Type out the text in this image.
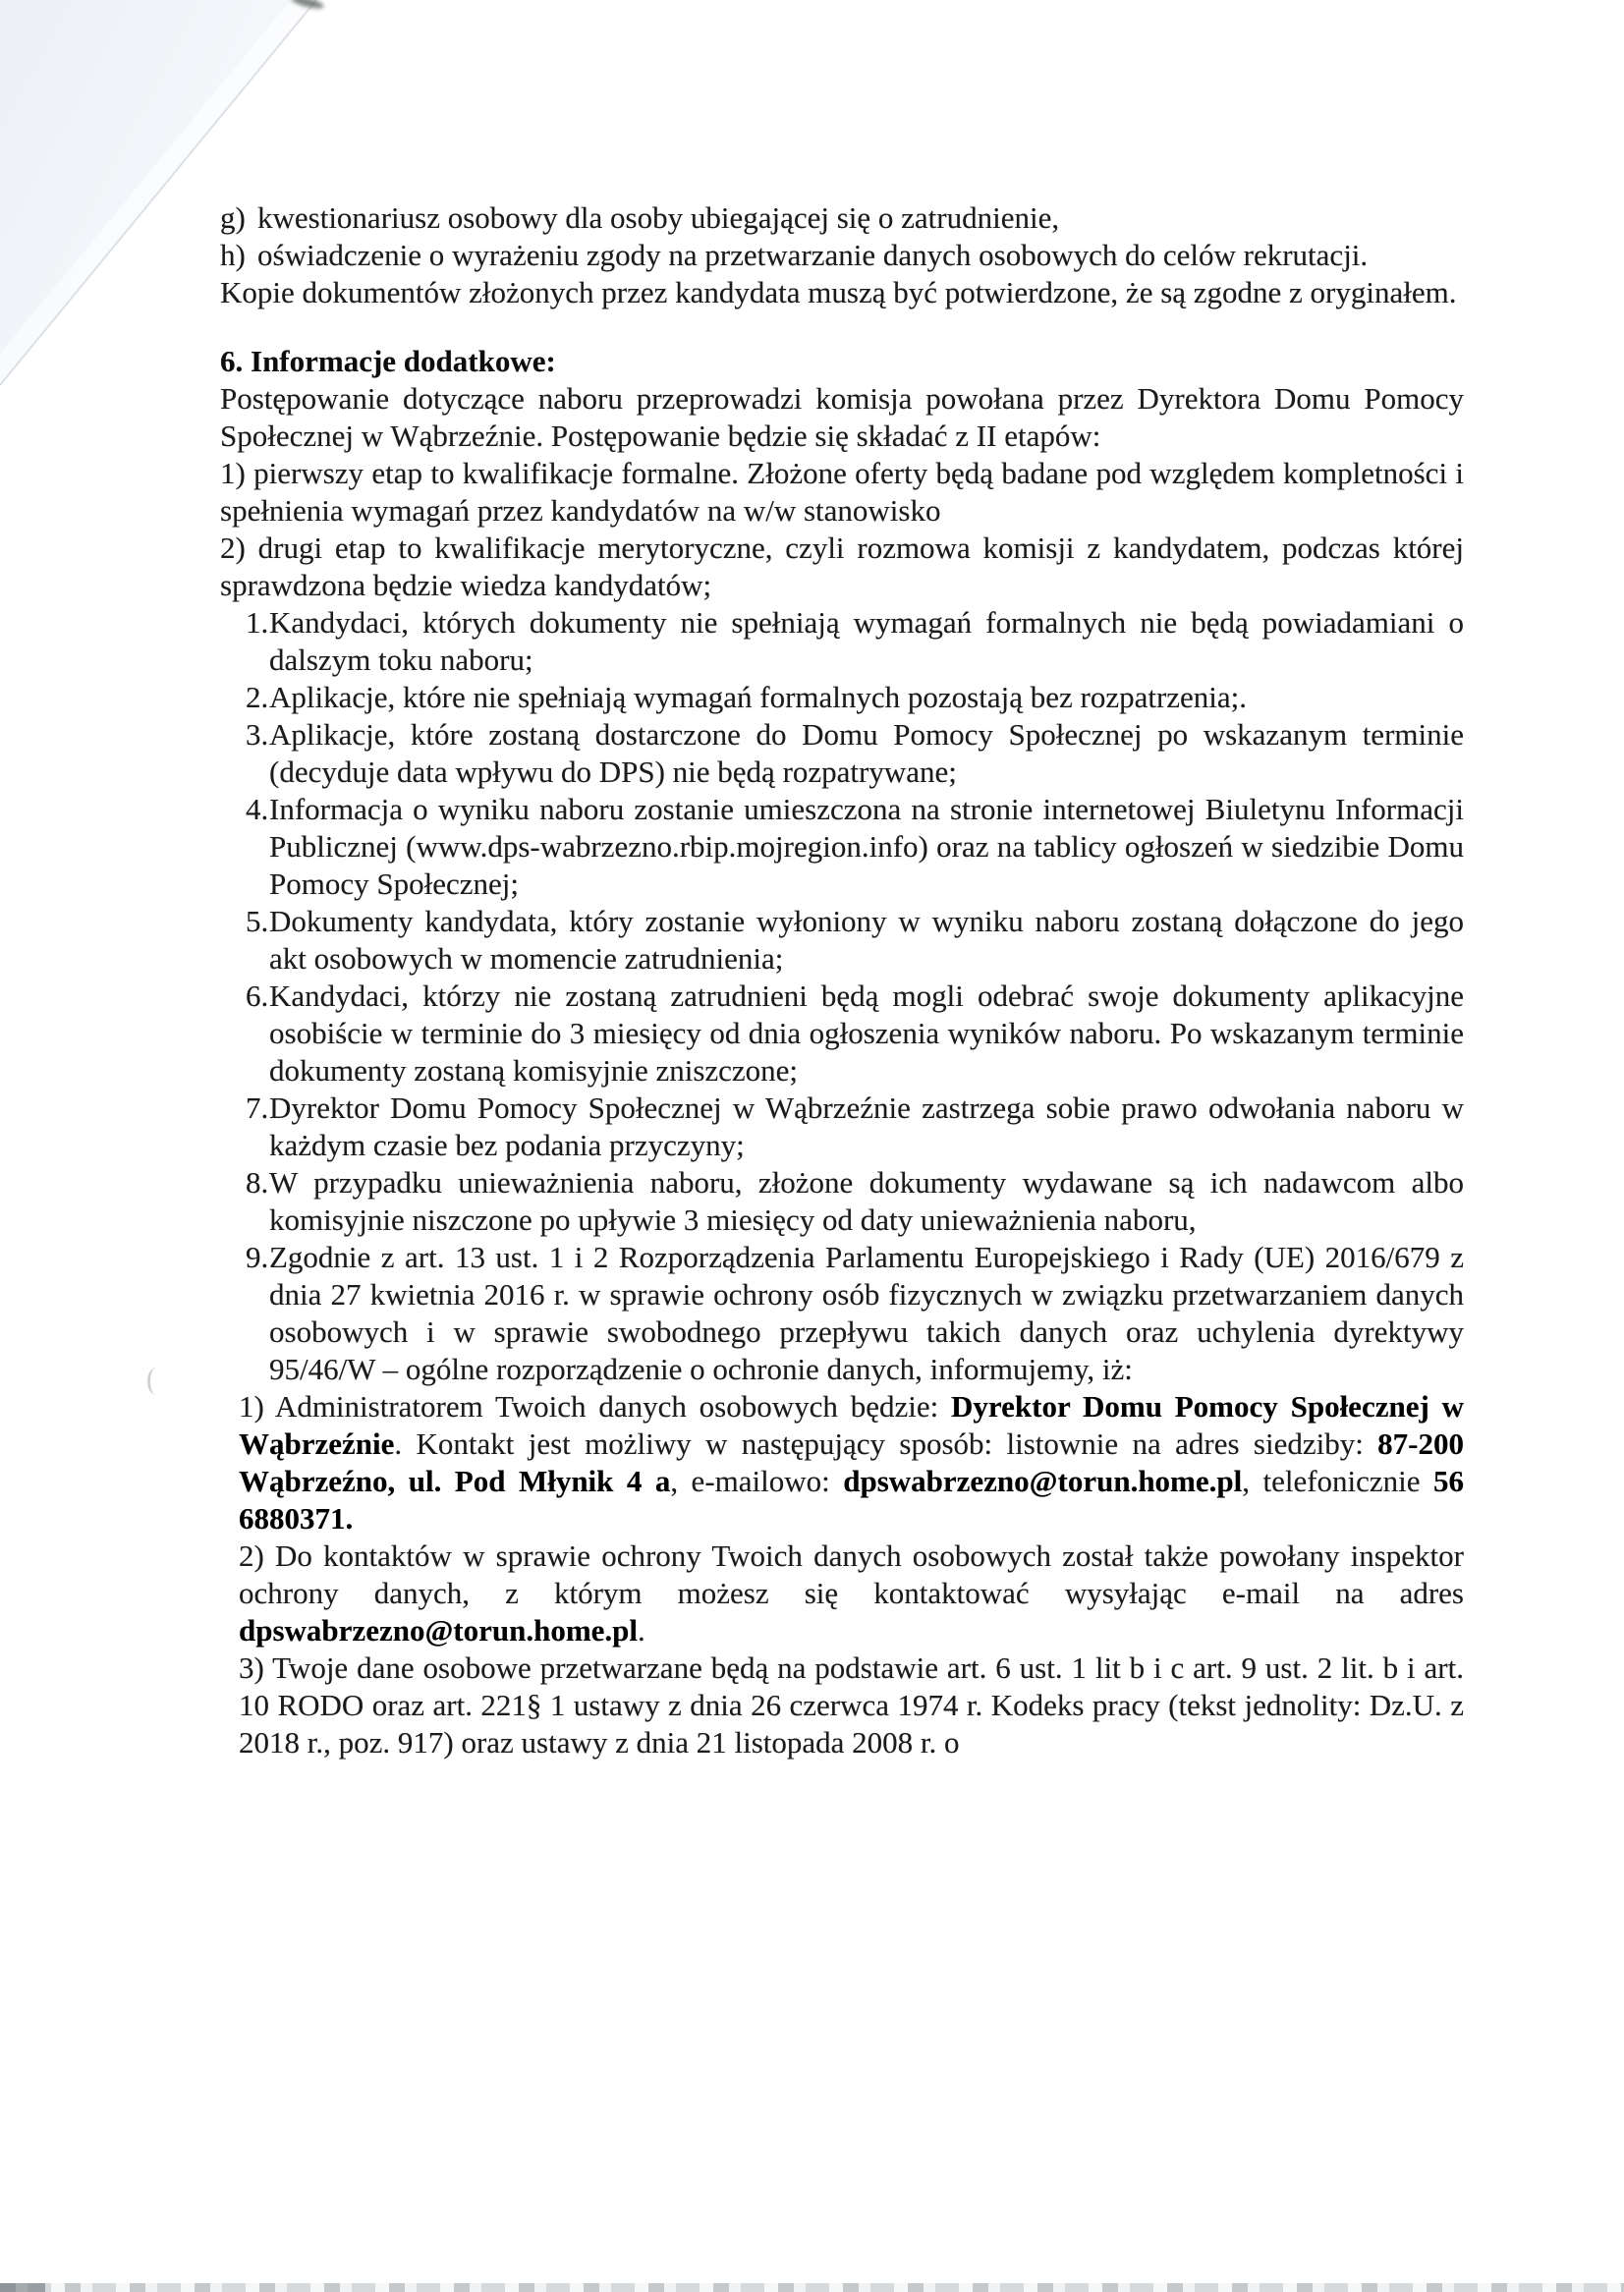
g) kwestionariusz osobowy dla osoby ubiegającej się o zatrudnienie,
h) oświadczenie o wyrażeniu zgody na przetwarzanie danych osobowych do celów rekrutacji.

Kopie dokumentów złożonych przez kandydata muszą być potwierdzone, że są zgodne z oryginałem.

6. Informacje dodatkowe:

Postępowanie dotyczące naboru przeprowadzi komisja powołana przez Dyrektora Domu Pomocy Społecznej w Wąbrzeźnie. Postępowanie będzie się składać z II etapów:

1) pierwszy etap to kwalifikacje formalne. Złożone oferty będą badane pod względem kompletności i spełnienia wymagań przez kandydatów na w/w stanowisko

2) drugi etap to kwalifikacje merytoryczne, czyli rozmowa komisji z kandydatem, podczas której sprawdzona będzie wiedza kandydatów;

1. Kandydaci, których dokumenty nie spełniają wymagań formalnych nie będą powiadamiani o dalszym toku naboru;
2. Aplikacje, które nie spełniają wymagań formalnych pozostają bez rozpatrzenia;.
3. Aplikacje, które zostaną dostarczone do Domu Pomocy Społecznej po wskazanym terminie (decyduje data wpływu do DPS) nie będą rozpatrywane;
4. Informacja o wyniku naboru zostanie umieszczona na stronie internetowej Biuletynu Informacji Publicznej (www.dps-wabrzezno.rbip.mojregion.info) oraz na tablicy ogłoszeń w siedzibie Domu Pomocy Społecznej;
5. Dokumenty kandydata, który zostanie wyłoniony w wyniku naboru zostaną dołączone do jego akt osobowych w momencie zatrudnienia;
6. Kandydaci, którzy nie zostaną zatrudnieni będą mogli odebrać swoje dokumenty aplikacyjne osobiście w terminie do 3 miesięcy od dnia ogłoszenia wyników naboru. Po wskazanym terminie dokumenty zostaną komisyjnie zniszczone;
7. Dyrektor Domu Pomocy Społecznej w Wąbrzeźnie zastrzega sobie prawo odwołania naboru w każdym czasie bez podania przyczyny;
8. W przypadku unieważnienia naboru, złożone dokumenty wydawane są ich nadawcom albo komisyjnie niszczone po upływie 3 miesięcy od daty unieważnienia naboru,
9. Zgodnie z art. 13 ust. 1 i 2 Rozporządzenia Parlamentu Europejskiego i Rady (UE) 2016/679 z dnia 27 kwietnia 2016 r. w sprawie ochrony osób fizycznych w związku przetwarzaniem danych osobowych i w sprawie swobodnego przepływu takich danych oraz uchylenia dyrektywy 95/46/W – ogólne rozporządzenie o ochronie danych, informujemy, iż:

1) Administratorem Twoich danych osobowych będzie: Dyrektor Domu Pomocy Społecznej w Wąbrzeźnie. Kontakt jest możliwy w następujący sposób: listownie na adres siedziby: 87-200 Wąbrzeźno, ul. Pod Młynik 4 a, e-mailowo: dpswabrzezno@torun.home.pl, telefonicznie 56 6880371.

2) Do kontaktów w sprawie ochrony Twoich danych osobowych został także powołany inspektor ochrony danych, z którym możesz się kontaktować wysyłając e-mail na adres dpswabrzezno@torun.home.pl.

3) Twoje dane osobowe przetwarzane będą na podstawie art. 6 ust. 1 lit b i c art. 9 ust. 2 lit. b i art. 10 RODO oraz art. 221§ 1 ustawy z dnia 26 czerwca 1974 r. Kodeks pracy (tekst jednolity: Dz.U. z 2018 r., poz. 917) oraz ustawy z dnia 21 listopada 2008 r. o
